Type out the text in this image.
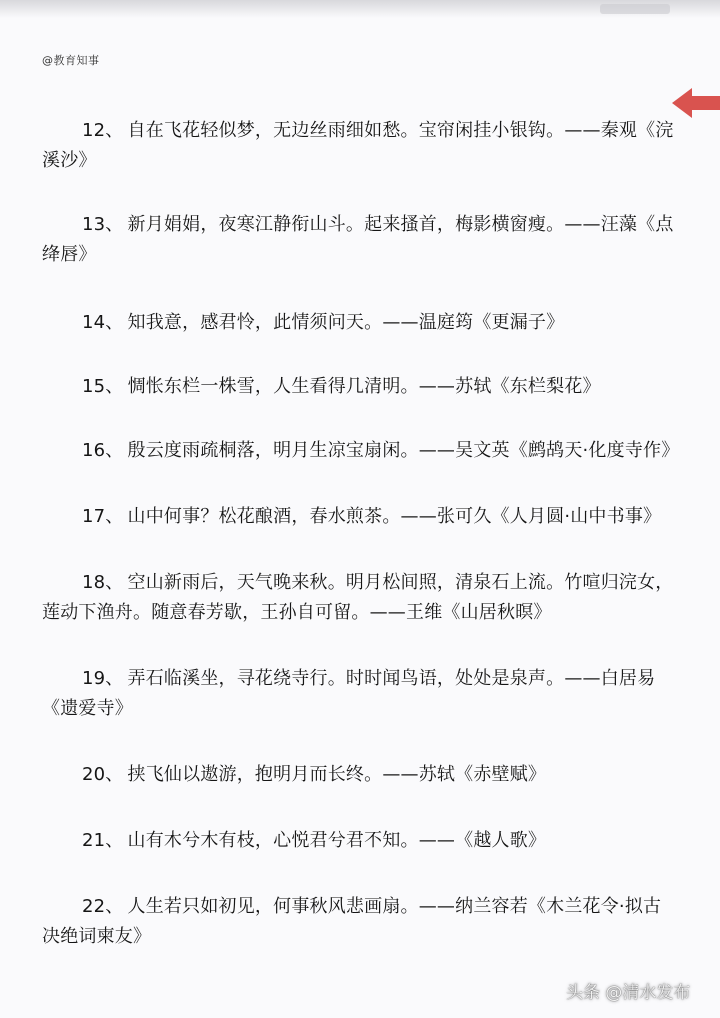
@教育知事
12、 自在飞花轻似梦，无边丝雨细如愁。宝帘闲挂小银钩。——秦观《浣
溪沙》
13、 新月娟娟，夜寒江静衔山斗。起来搔首，梅影横窗瘦。——汪藻《点
绛唇》
14、 知我意，感君怜，此情须问天。——温庭筠《更漏子》
15、 惆怅东栏一株雪，人生看得几清明。——苏轼《东栏梨花》
16、 殷云度雨疏桐落，明月生凉宝扇闲。——吴文英《鹧鸪天·化度寺作》
17、 山中何事？松花酿酒，春水煎茶。——张可久《人月圆·山中书事》
18、 空山新雨后，天气晚来秋。明月松间照，清泉石上流。竹喧归浣女，
莲动下渔舟。随意春芳歇，王孙自可留。——王维《山居秋暝》
19、 弄石临溪坐，寻花绕寺行。时时闻鸟语，处处是泉声。——白居易
《遗爱寺》
20、 挟飞仙以遨游，抱明月而长终。——苏轼《赤壁赋》
21、 山有木兮木有枝，心悦君兮君不知。——《越人歌》
22、 人生若只如初见，何事秋风悲画扇。——纳兰容若《木兰花令·拟古
决绝词柬友》
头条 @清水发布
